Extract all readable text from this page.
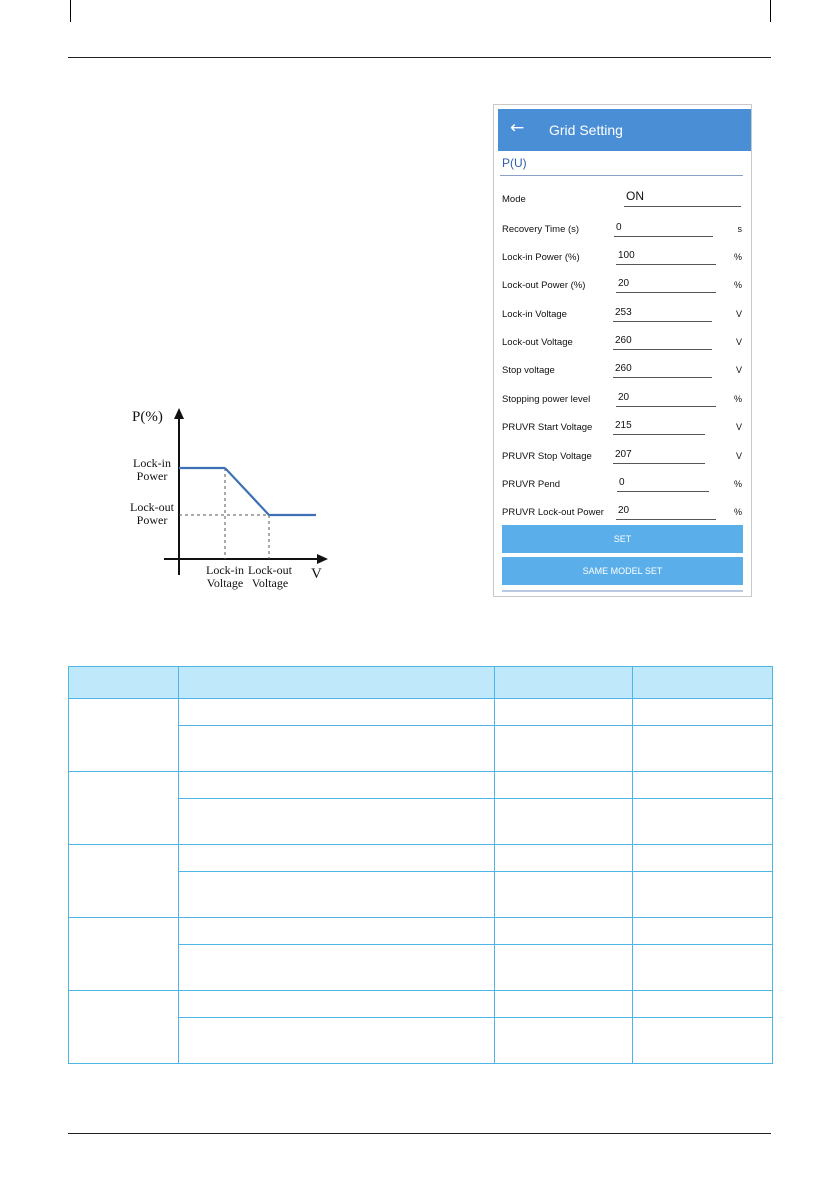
P(%)
V
Lock-in
Power
Lock-out
Power
Lock-in
Voltage
Lock-out
Voltage
← Grid Setting
P(U)
Mode	ON
Recovery Time (s)	0	s
Lock-in Power (%)	100	%
Lock-out Power (%)	20	%
Lock-in Voltage	253	V
Lock-out Voltage	260	V
Stop voltage	260	V
Stopping power level	20	%
PRUVR Start Voltage 215	V
PRUVR Stop Voltage 207	V
PRUVR Pend	0	%
PRUVR Lock-out Power 20	%
SET
SAME MODEL SET
